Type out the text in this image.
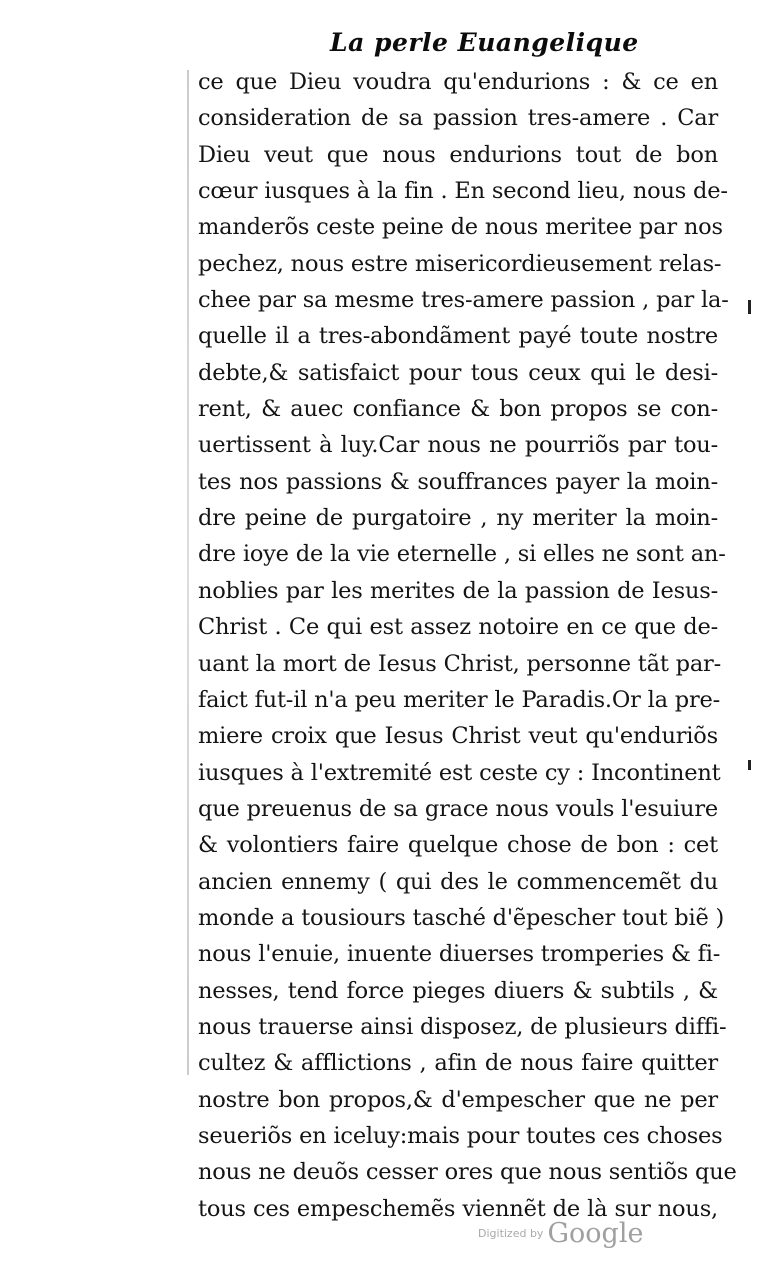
La perle Euangelique
ce que Dieu voudra qu'endurions : & ce en
consideration de sa passion tres-amere . Car
Dieu veut que nous endurions tout de bon
cœur iusques à la fin . En second lieu, nous de-
manderõs ceste peine de nous meritee par nos
pechez, nous estre misericordieusement relas-
chee par sa mesme tres-amere passion , par la-
quelle il a tres-abondãment payé toute nostre
debte,& satisfaict pour tous ceux qui le desi-
rent, & auec confiance & bon propos se con-
uertissent à luy.Car nous ne pourriõs par tou-
tes nos passions & souffrances payer la moin-
dre peine de purgatoire , ny meriter la moin-
dre ioye de la vie eternelle , si elles ne sont an-
noblies par les merites de la passion de Iesus-
Christ . Ce qui est assez notoire en ce que de-
uant la mort de Iesus Christ, personne tãt par-
faict fut-il n'a peu meriter le Paradis.Or la pre-
miere croix que Iesus Christ veut qu'enduriõs
iusques à l'extremité est ceste cy : Incontinent
que preuenus de sa grace nous vouls l'esuiure
& volontiers faire quelque chose de bon : cet
ancien ennemy ( qui des le commencemẽt du
monde a tousiours tasché d'ẽpescher tout biẽ )
nous l'enuie, inuente diuerses tromperies & fi-
nesses, tend force pieges diuers & subtils , &
nous trauerse ainsi disposez, de plusieurs diffi-
cultez & afflictions , afin de nous faire quitter
nostre bon propos,& d'empescher que ne per
seueriõs en iceluy:mais pour toutes ces choses
nous ne deuõs cesser ores que nous sentiõs que
tous ces empeschemẽs viennẽt de là sur nous,
Digitized by Google
